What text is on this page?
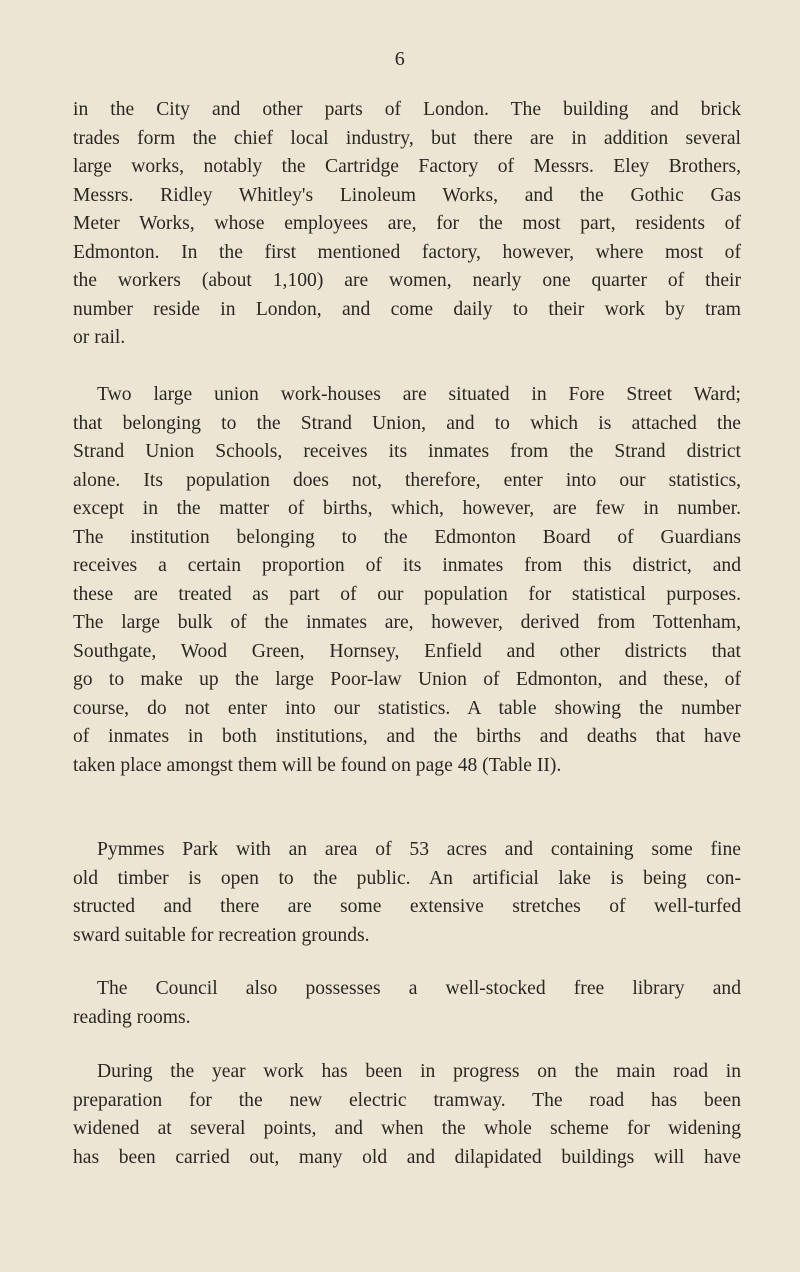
6
in the City and other parts of London. The building and brick
trades form the chief local industry, but there are in addition several
large works, notably the Cartridge Factory of Messrs. Eley Brothers,
Messrs. Ridley Whitley's Linoleum Works, and the Gothic Gas
Meter Works, whose employees are, for the most part, residents of
Edmonton. In the first mentioned factory, however, where most of
the workers (about 1,100) are women, nearly one quarter of their
number reside in London, and come daily to their work by tram
or rail.
Two large union work-houses are situated in Fore Street Ward;
that belonging to the Strand Union, and to which is attached the
Strand Union Schools, receives its inmates from the Strand district
alone. Its population does not, therefore, enter into our statistics,
except in the matter of births, which, however, are few in number.
The institution belonging to the Edmonton Board of Guardians
receives a certain proportion of its inmates from this district, and
these are treated as part of our population for statistical purposes.
The large bulk of the inmates are, however, derived from Tottenham,
Southgate, Wood Green, Hornsey, Enfield and other districts that
go to make up the large Poor-law Union of Edmonton, and these, of
course, do not enter into our statistics. A table showing the number
of inmates in both institutions, and the births and deaths that have
taken place amongst them will be found on page 48 (Table II).
Pymmes Park with an area of 53 acres and containing some fine
old timber is open to the public. An artificial lake is being con-
structed and there are some extensive stretches of well-turfed
sward suitable for recreation grounds.
The Council also possesses a well-stocked free library and
reading rooms.
During the year work has been in progress on the main road in
preparation for the new electric tramway. The road has been
widened at several points, and when the whole scheme for widening
has been carried out, many old and dilapidated buildings will have
